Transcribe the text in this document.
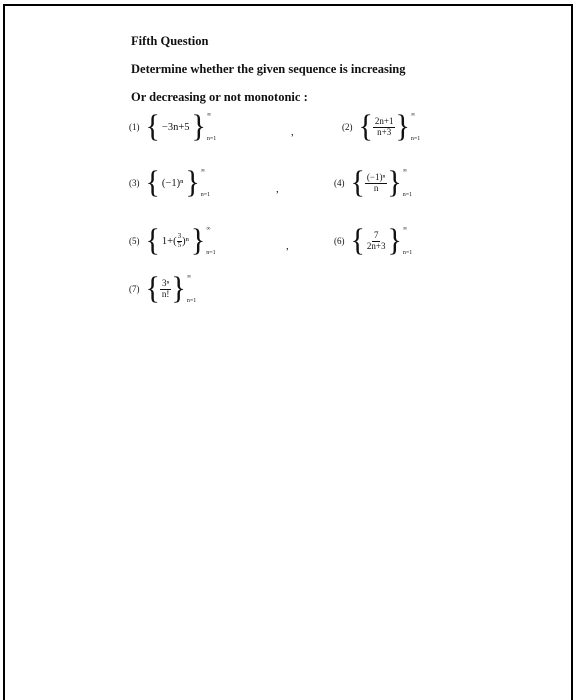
Fifth Question
Determine whether the given sequence is increasing
Or decreasing or not monotonic :
(1) { −3n+5 } ∞
n=1
,	(2) { $\frac{2n+1}{n+3}$ } ∞
n=1
(3) { (−1)ⁿ } ∞
n=1	,	(4) { $\frac{\text{(−1)ⁿ}}{n}$ } ∞
n=1
(5) { $1+( \frac{3}{5} )^n$ } ∞
n=1
,	(6) { $\frac{7}{2n+3}$ } ∞
n=1
(7) { $\frac{\text{3ⁿ}}{n!}$ } ∞
n=1
